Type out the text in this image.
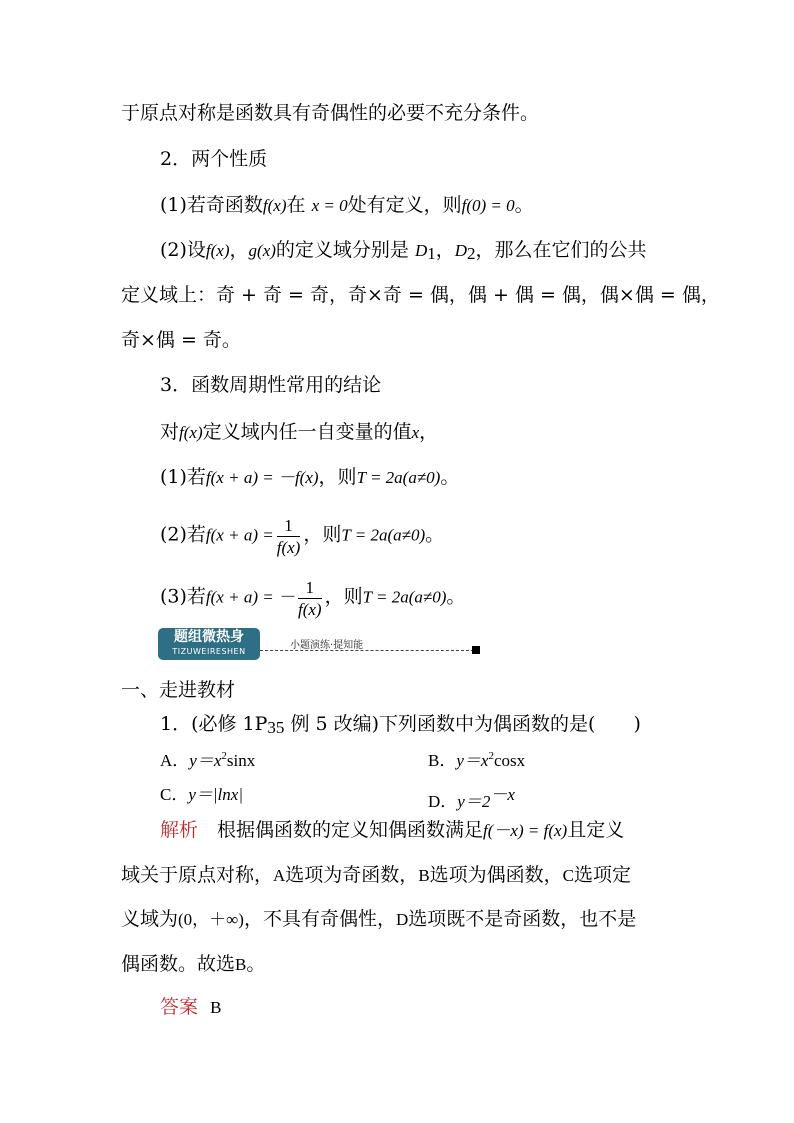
于原点对称是函数具有奇偶性的必要不充分条件。
2．两个性质
(1)若奇函数f(x)在 x = 0处有定义，则f(0) = 0。
(2)设f(x)，g(x)的定义域分别是 $D_1$，$D_2$，那么在它们的公共
定义域上：奇 + 奇 = 奇，奇×奇 = 偶，偶 + 偶 = 偶，偶×偶 = 偶，
奇×偶 = 奇。
3．函数周期性常用的结论
对f(x)定义域内任一自变量的值x，
(1)若f(x + a) = －f(x)，则T = 2a(a≠0)。
(2)若$f(x + a) = \frac{1}{f(x)}$ ，则T = 2a(a≠0)。
(3)若f(x + a) = － $\frac{1}{f(x)}$ ，则T = 2a(a≠0)。
题组微热身
TIZUWEIRESHEN
小题演练·提知能
一、走进教材
1．(必修 $1P_{35}$ 例 5 改编)下列函数中为偶函数的是(　　)
A．$y=x^2\sin x$	B．$y=x^2\cos x$
C．y＝|lnx|	D．$y=2^{-x}$
解析　根据偶函数的定义知偶函数满足f(－x) = f(x)且定义
域关于原点对称，A选项为奇函数，B选项为偶函数，C选项定
义域为(0，＋∞)，不具有奇偶性，D选项既不是奇函数，也不是
偶函数。故选B。
答案 B
